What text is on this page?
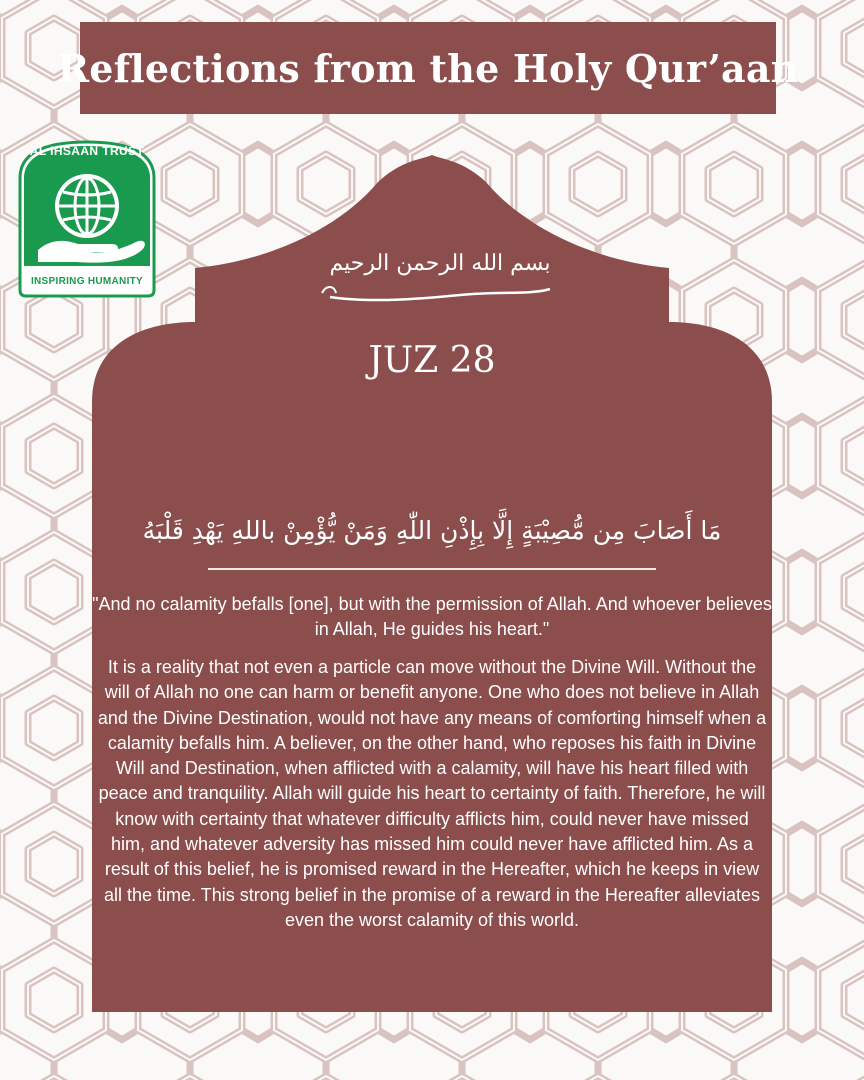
Reflections from the Holy Qur’aan
AL IHSAAN TRUST
INSPIRING HUMANITY
بسم الله الرحمن الرحيم
JUZ 28
مَا أَصَابَ مِن مُّصِيْبَةٍ إِلَّا بِإِذْنِ اللّٰهِ وَمَنْ يُّؤْمِنْ باللهِ يَهْدِ قَلْبَهُ
"And no calamity befalls [one], but with the permission of Allah. And whoever believes in Allah, He guides his heart."
It is a reality that not even a particle can move without the Divine Will. Without the will of Allah no one can harm or benefit anyone. One who does not believe in Allah and the Divine Destination, would not have any means of comforting himself when a calamity befalls him. A believer, on the other hand, who reposes his faith in Divine Will and Destination, when afflicted with a calamity, will have his heart filled with peace and tranquility. Allah will guide his heart to certainty of faith. Therefore, he will know with certainty that whatever difficulty afflicts him, could never have missed him, and whatever adversity has missed him could never have afflicted him. As a result of this belief, he is promised reward in the Hereafter, which he keeps in view all the time. This strong belief in the promise of a reward in the Hereafter alleviates even the worst calamity of this world.
